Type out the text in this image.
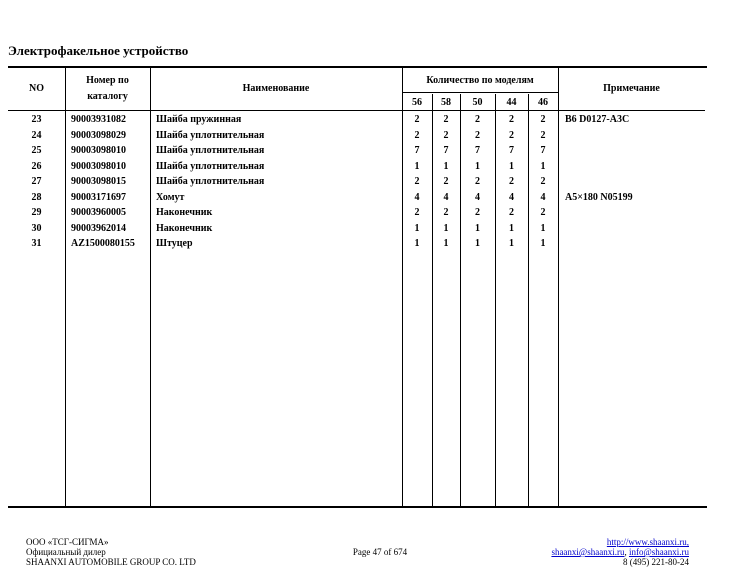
Электрофакельное устройство
NO
Номер по
каталогу
Наименование
Количество по моделям
56	58	50	44	46
Примечание
23	90003931082	Шайба пружинная	2	2	2	2	2	B6 D0127-A3C
24	90003098029	Шайба уплотнительная	2	2	2	2	2
25	90003098010	Шайба уплотнительная	7	7	7	7	7
26	90003098010	Шайба уплотнительная	1	1	1	1	1
27	90003098015	Шайба уплотнительная	2	2	2	2	2
28	90003171697	Хомут	4	4	4	4	4	A5×180 N05199
29	90003960005	Наконечник	2	2	2	2	2
30	90003962014	Наконечник	1	1	1	1	1
31	AZ1500080155 Штуцер	1	1	1	1	1
ООО «ТСГ-СИГМА»
Официальный дилер
SHAANXI AUTOMOBILE GROUP CO. LTD
Page 47 of 674
http://www.shaanxi.ru,
shaanxi@shaanxi.ru, info@shaanxi.ru
8 (495) 221-80-24
